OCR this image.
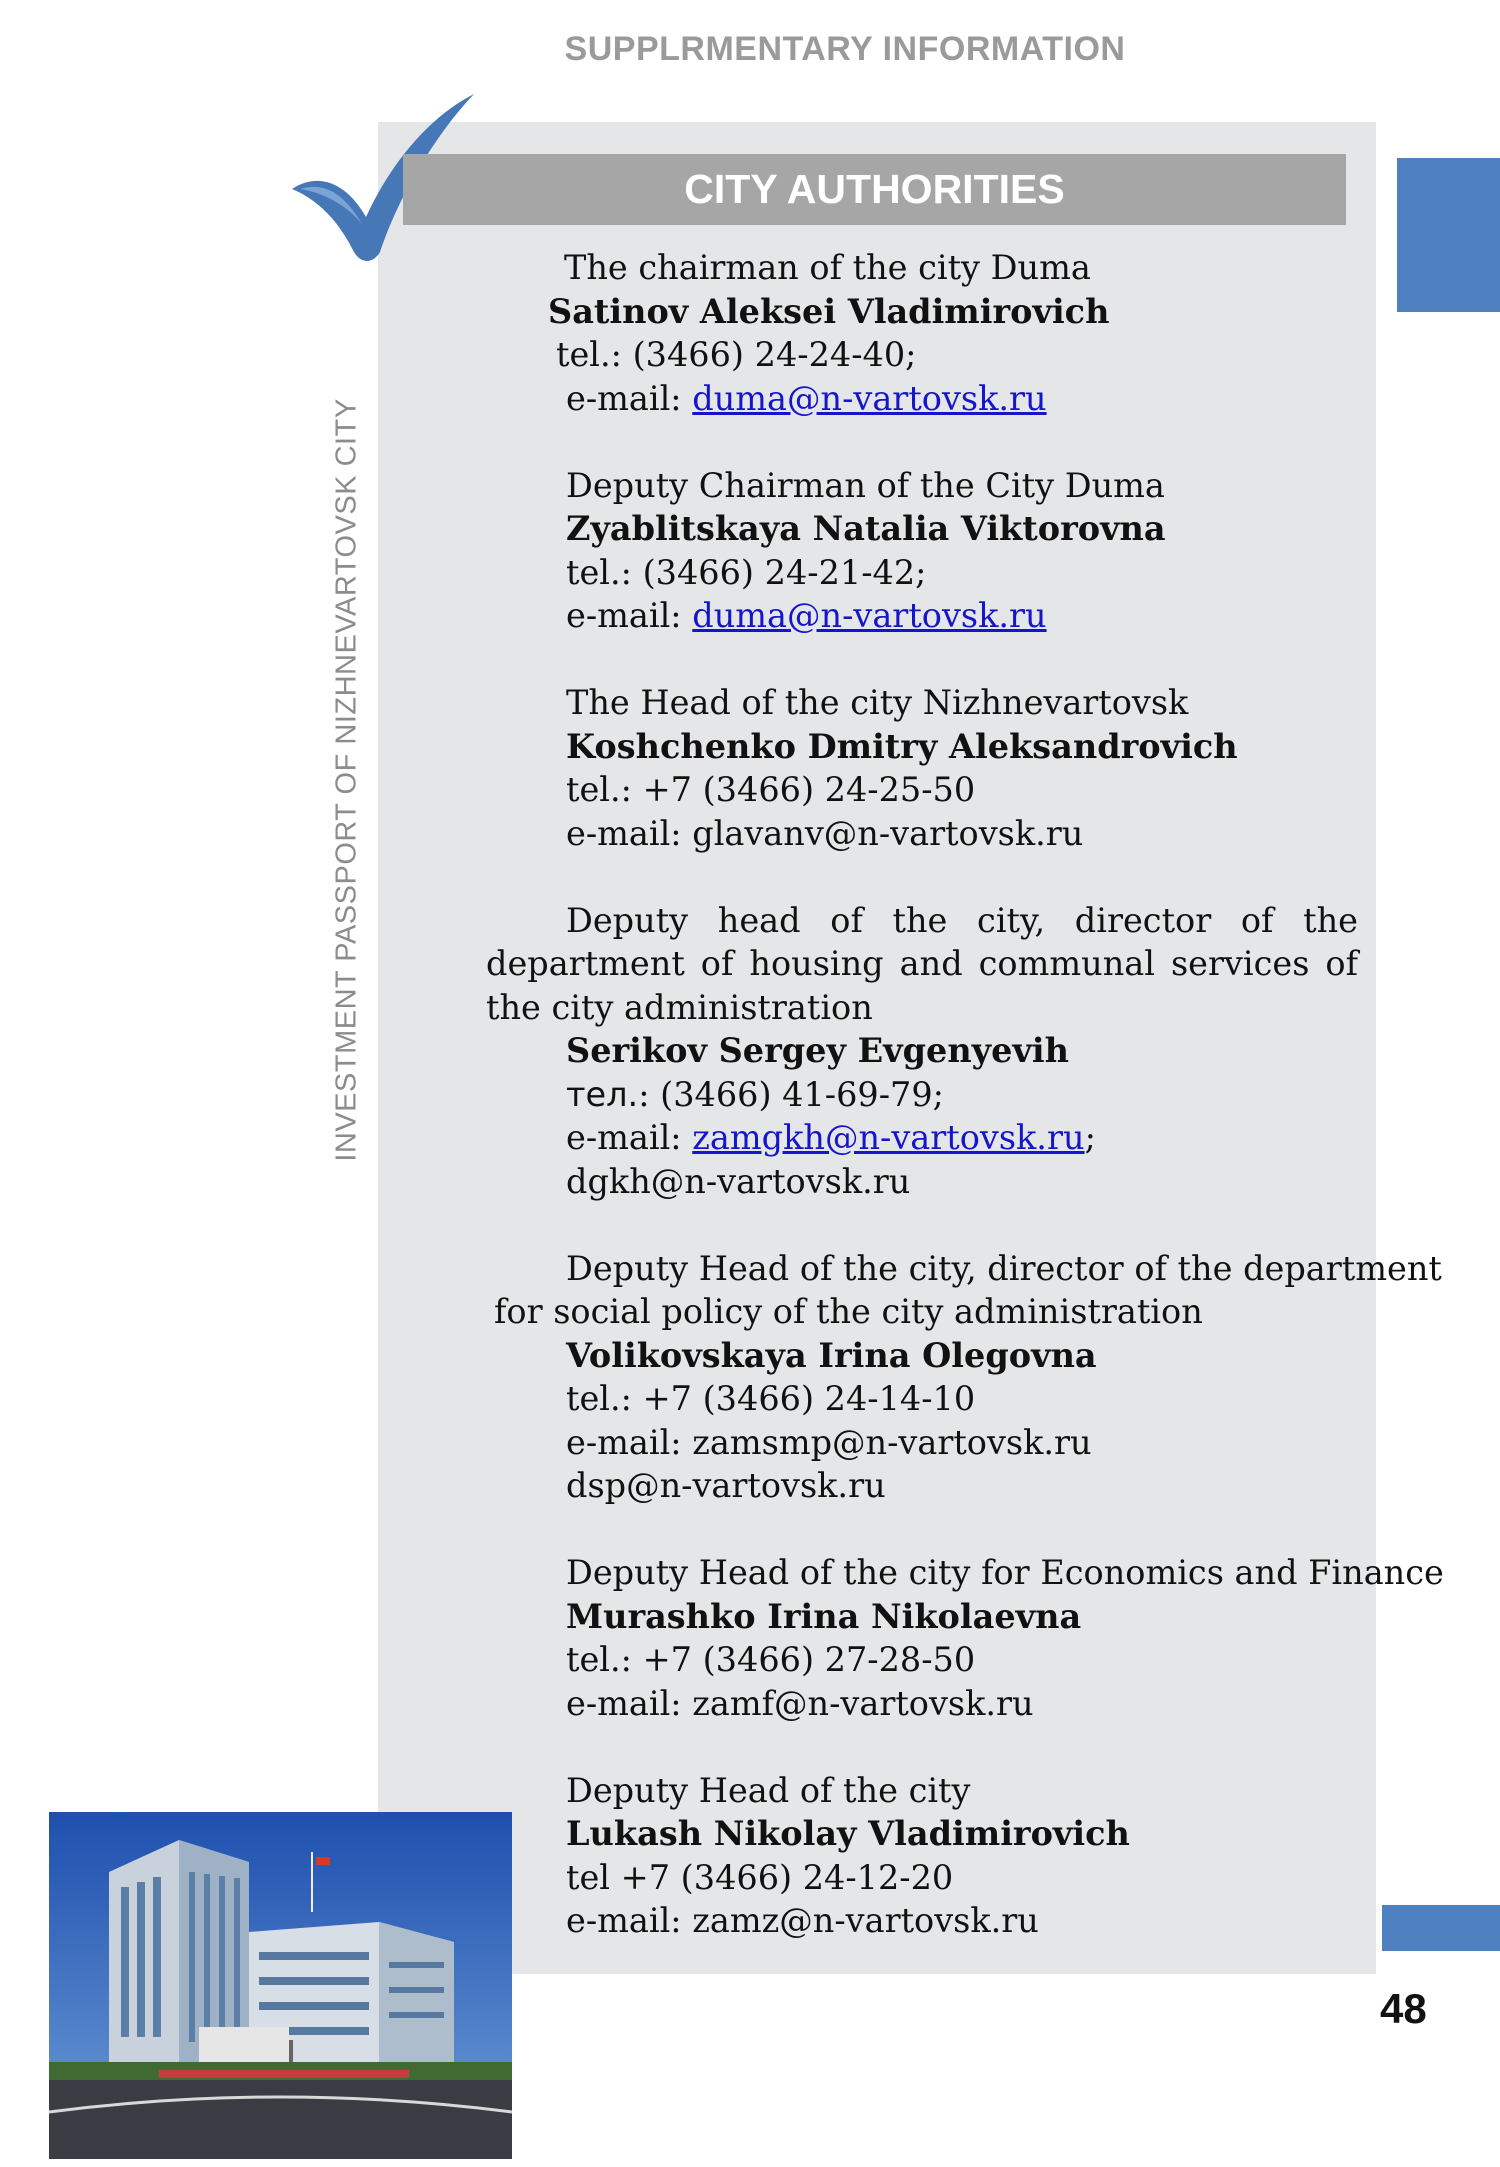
SUPPLRMENTARY INFORMATION
CITY AUTHORITIES
INVESTMENT PASSPORT OF NIZHNEVARTOVSK CITY
The chairman of the city Duma
Satinov Aleksei Vladimirovich
tel.: (3466) 24-24-40;
e-mail: duma@n-vartovsk.ru
Deputy Chairman of the City Duma
Zyablitskaya Natalia Viktorovna
tel.: (3466) 24-21-42;
e-mail: duma@n-vartovsk.ru
The Head of the city Nizhnevartovsk
Koshchenko Dmitry Aleksandrovich
tel.: +7 (3466) 24-25-50
e-mail: glavanv@n-vartovsk.ru
Deputy head of the city, director of the department of housing and communal services of the city administration
Serikov Sergey Evgenyevih
тел.: (3466) 41-69-79;
e-mail: zamgkh@n-vartovsk.ru;
dgkh@n-vartovsk.ru
Deputy Head of the city, director of the department
for social policy of the city administration
Volikovskaya Irina Olegovna
tel.: +7 (3466) 24-14-10
e-mail: zamsmp@n-vartovsk.ru
dsp@n-vartovsk.ru
Deputy Head of the city for Economics and Finance
Murashko Irina Nikolaevna
tel.: +7 (3466) 27-28-50
e-mail: zamf@n-vartovsk.ru
Deputy Head of the city
Lukash Nikolay Vladimirovich
tel +7 (3466) 24-12-20
e-mail: zamz@n-vartovsk.ru
48
